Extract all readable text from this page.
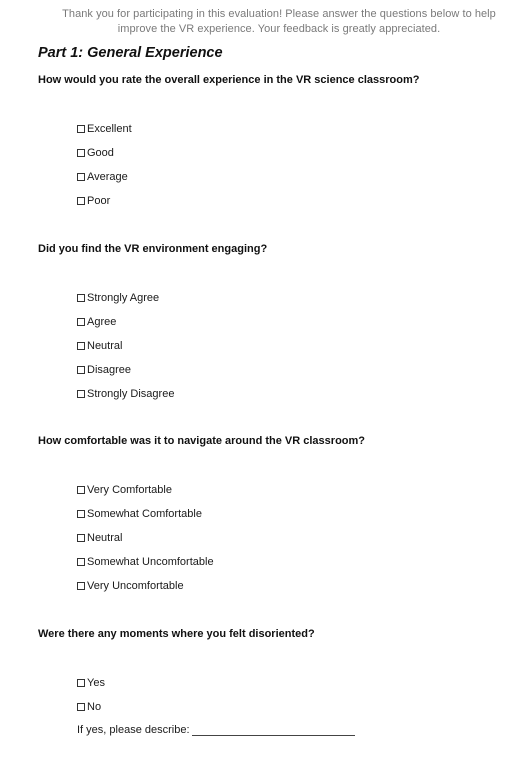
Thank you for participating in this evaluation! Please answer the questions below to help improve the VR experience. Your feedback is greatly appreciated.
Part 1: General Experience
How would you rate the overall experience in the VR science classroom?
Excellent
Good
Average
Poor
Did you find the VR environment engaging?
Strongly Agree
Agree
Neutral
Disagree
Strongly Disagree
How comfortable was it to navigate around the VR classroom?
Very Comfortable
Somewhat Comfortable
Neutral
Somewhat Uncomfortable
Very Uncomfortable
Were there any moments where you felt disoriented?
Yes
No
If yes, please describe:
